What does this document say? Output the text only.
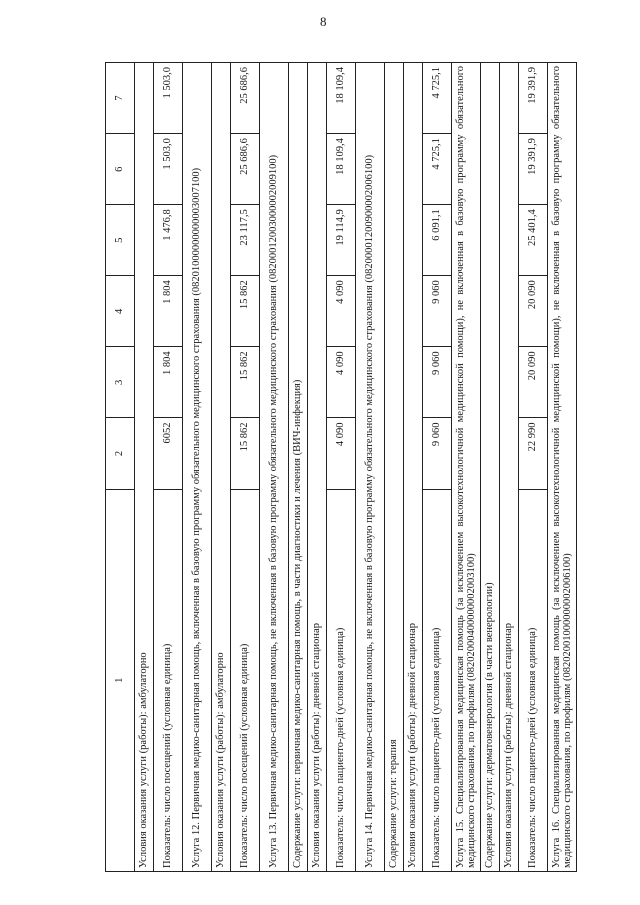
8
1	2	3	4	5	6	7
Условия оказания услуги (работы): амбулаторно						
Показатель: число посещений (условная единица)	6052	1 804	1 804	1 476,8	1 503,0	1 503,0
Услуга 12. Первичная медико-санитарная помощь, включенная в базовую программу обязательного медицинского страхования (08201000000000003007100)						
Условия оказания услуги (работы): амбулаторно						
Показатель: число посещений (условная единица)	15 862	15 862	15 862	23 117,5	25 686,6	25 686,6
Услуга 13. Первичная медико-санитарная помощь, не включенная в базовую программу обязательного медицинского страхования (08200012003000002009100)						
Содержание услуги: первичная медико-санитарная помощь, в части диагностики и лечения (ВИЧ-инфекция)						
Условия оказания услуги (работы): дневной стационар						
Показатель: число пациенто-дней (условная единица)	4 090	4 090	4 090	19 114,9	18 109,4	18 109,4
Услуга 14. Первичная медико-санитарная помощь, не включенная в базовую программу обязательного медицинского страхования (08200001200900002006100)						
Содержание услуги: терапия						
Условия оказания услуги (работы): дневной стационар						
Показатель: число пациенто-дней (условная единица)	9 060	9 060	9 060	6 091,1	4 725,1	4 725,1
Услуга 15. Специализированная медицинская помощь (за исключением высокотехнологичной медицинской помощи), не включенная в базовую программу обязательного медицинского страхования, по профилям (08202000400000002003100)						
Содержание услуги: дерматовенерология (в части венерологии)						
Условия оказания услуги (работы): дневной стационар						
Показатель: число пациенто-дней (условная единица)	22 990	20 090	20 090	25 401,4	19 391,9	19 391,9
Услуга 16. Специализированная медицинская помощь (за исключением высокотехнологичной медицинской помощи), не включенная в базовую программу обязательного медицинского страхования, по профилям (08202001000000002006100)						
